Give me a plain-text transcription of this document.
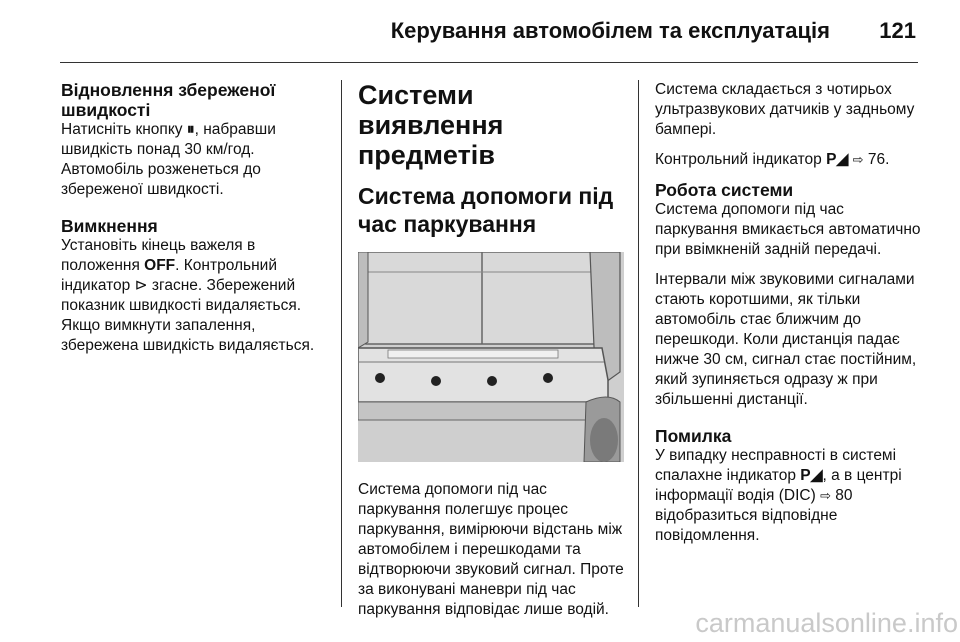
Керування автомобілем та експлуатація 121
Відновлення збереженої швидкості

Натисніть кнопку ⏸, набравши швидкість понад 30 км/год. Автомобіль розженеться до збереженої швидкості.

Вимкнення

Установіть кінець важеля в положення OFF. Контрольний індикатор ⊳ згасне. Збережений показник швидкості видаляється. Якщо вимкнути запалення, збережена швидкість видаляється.

Системи виявлення предметів
Система допомоги під час паркування

Система допомоги під час паркування полегшує процес паркування, вимірюючи відстань між автомобілем і перешкодами та відтворюючи звуковий сигнал. Проте за виконувані маневри під час паркування відповідає лише водій.

Система складається з чотирьох ультразвукових датчиків у задньому бампері.

Контрольний індикатор P◢ ⇨ 76.

Робота системи

Система допомоги під час паркування вмикається автоматично при ввімкненій задній передачі.

Інтервали між звуковими сигналами стають коротшими, як тільки автомобіль стає ближчим до перешкоди. Коли дистанція падає нижче 30 см, сигнал стає постійним, який зупиняється одразу ж при збільшенні дистанції.

Помилка

У випадку несправності в системі спалахне індикатор P◢, а в центрі інформації водія (DIC) ⇨ 80 відобразиться відповідне повідомлення.

carmanualsonline.info
